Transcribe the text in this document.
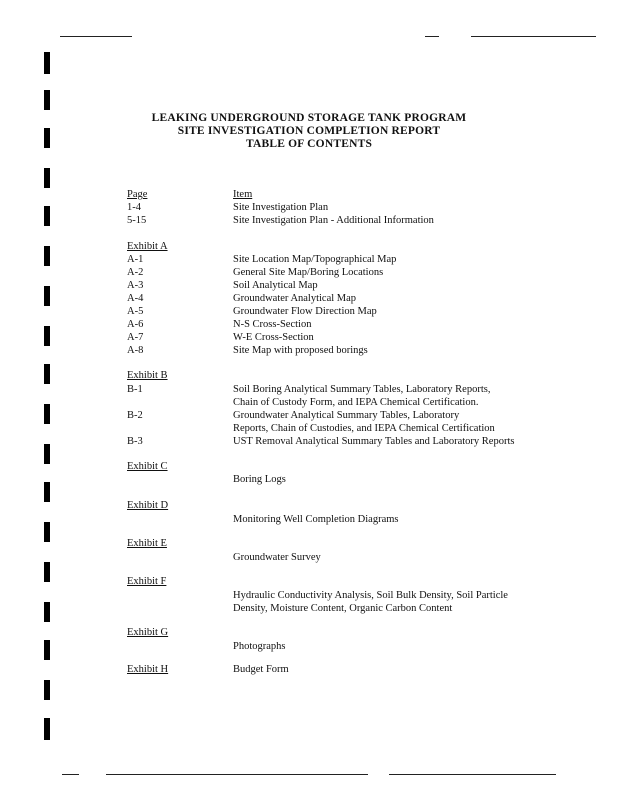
LEAKING UNDERGROUND STORAGE TANK PROGRAM
SITE INVESTIGATION COMPLETION REPORT
TABLE OF CONTENTS
Page	Item
1-4	Site Investigation Plan
5-15	Site Investigation Plan - Additional Information
Exhibit A
A-1	Site Location Map/Topographical Map
A-2	General Site Map/Boring Locations
A-3	Soil Analytical Map
A-4	Groundwater Analytical Map
A-5	Groundwater Flow Direction Map
A-6	N-S Cross-Section
A-7	W-E Cross-Section
A-8	Site Map with proposed borings
Exhibit B
B-1	Soil Boring Analytical Summary Tables, Laboratory Reports,
Chain of Custody Form, and IEPA Chemical Certification.
B-2	Groundwater Analytical Summary Tables, Laboratory
Reports, Chain of Custodies, and IEPA Chemical Certification
B-3	UST Removal Analytical Summary Tables and Laboratory Reports
Exhibit C
Boring Logs
Exhibit D
Monitoring Well Completion Diagrams
Exhibit E
Groundwater Survey
Exhibit F
Hydraulic Conductivity Analysis, Soil Bulk Density, Soil Particle
Density, Moisture Content, Organic Carbon Content
Exhibit G
Photographs
Exhibit H	Budget Form
